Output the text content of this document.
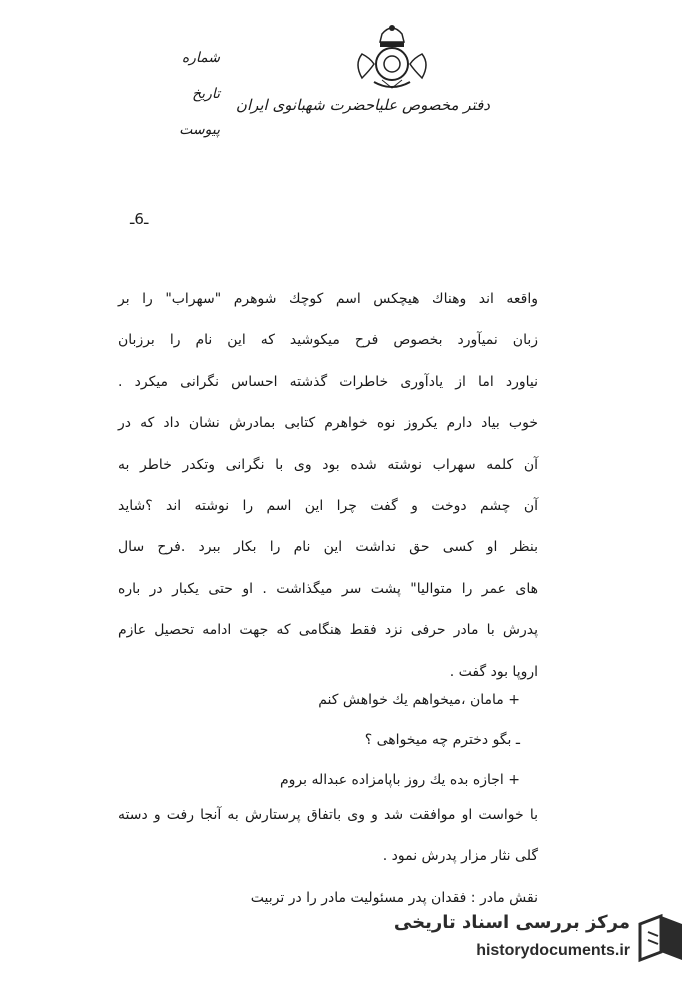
دفتر مخصوص علیاحضرت شهبانوی ایران
شماره
تاریخ
پیوست
ـ6ـ
واقعه اند وهناك هیچكس اسم كوچك شوهرم "سهراب" را بر
زبان نمیآورد بخصوص فرح میكوشید كه این نام را برزبان
نیاورد اما از یادآوری خاطرات گذشته احساس نگرانی میكرد .
خوب بیاد دارم یكروز نوه خواهرم كتابی بمادرش نشان داد كه در
آن كلمه سهراب نوشته شده بود وی با نگرانی وتكدر خاطر به
آن چشم دوخت و گفت چرا این اسم را نوشته اند ؟شاید
بنظر او كسی حق نداشت این نام را بكار ببرد .فرح سال
های عمر را متوالیا" پشت سر میگذاشت . او حتی یكبار در باره
پدرش با مادر حرفی نزد فقط هنگامی كه جهت ادامه تحصیل عازم
اروپا بود گفت .
+ مامان ،میخواهم یك خواهش كنم
ـ بگو دخترم چه میخواهی ؟
+ اجازه بده یك روز باپامزاده عبداله بروم
با خواست او موافقت شد و وی باتفاق پرستارش به آنجا رفت و دسته
گلی نثار مزار پدرش نمود .
نقش مادر : فقدان پدر مسئولیت مادر را در تربیت
مرکز بررسی اسناد تاریخی
historydocuments.ir
